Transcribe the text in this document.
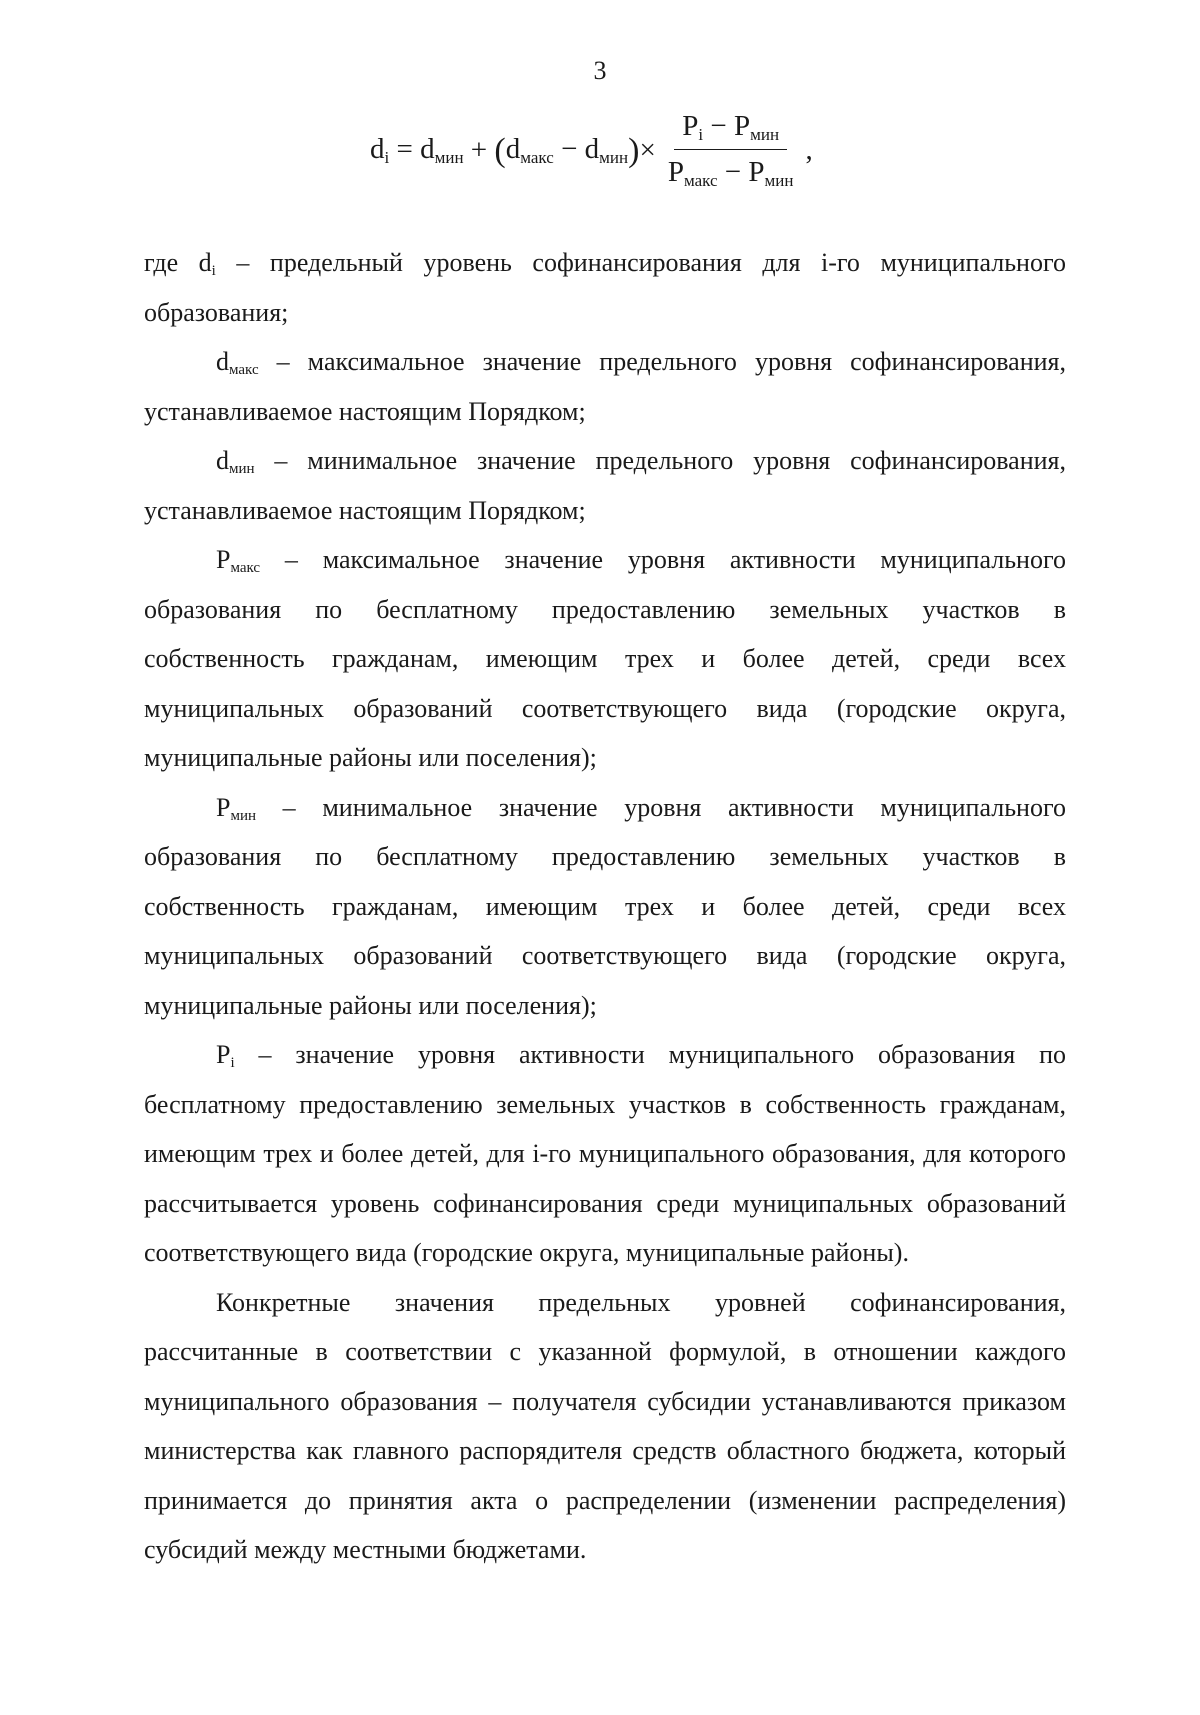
3
$d_i = d_{мин}$ + ( $d_{макс} - d_{мин}$ ) × $\frac{P_i - P_{мин}}{P_{макс} - P_{мин}}$ ,

где $d_i$ – предельный уровень софинансирования для i-го муниципального образования;

$d_{макс}$ – максимальное значение предельного уровня софинансирования, устанавливаемое настоящим Порядком;

$d_{мин}$ – минимальное значение предельного уровня софинансирования, устанавливаемое настоящим Порядком;

$P_{макс}$ – максимальное значение уровня активности муниципального образования по бесплатному предоставлению земельных участков в собственность гражданам, имеющим трех и более детей, среди всех муниципальных образований соответствующего вида (городские округа, муниципальные районы или поселения);

$P_{мин}$ – минимальное значение уровня активности муниципального образования по бесплатному предоставлению земельных участков в собственность гражданам, имеющим трех и более детей, среди всех муниципальных образований соответствующего вида (городские округа, муниципальные районы или поселения);

$P_i$ – значение уровня активности муниципального образования по бесплатному предоставлению земельных участков в собственность гражданам, имеющим трех и более детей, для i-го муниципального образования, для которого рассчитывается уровень софинансирования среди муниципальных образований соответствующего вида (городские округа, муниципальные районы).

Конкретные значения предельных уровней софинансирования, рассчитанные в соответствии с указанной формулой, в отношении каждого муниципального образования – получателя субсидии устанавливаются приказом министерства как главного распорядителя средств областного бюджета, который принимается до принятия акта о распределении (изменении распределения) субсидий между местными бюджетами.
